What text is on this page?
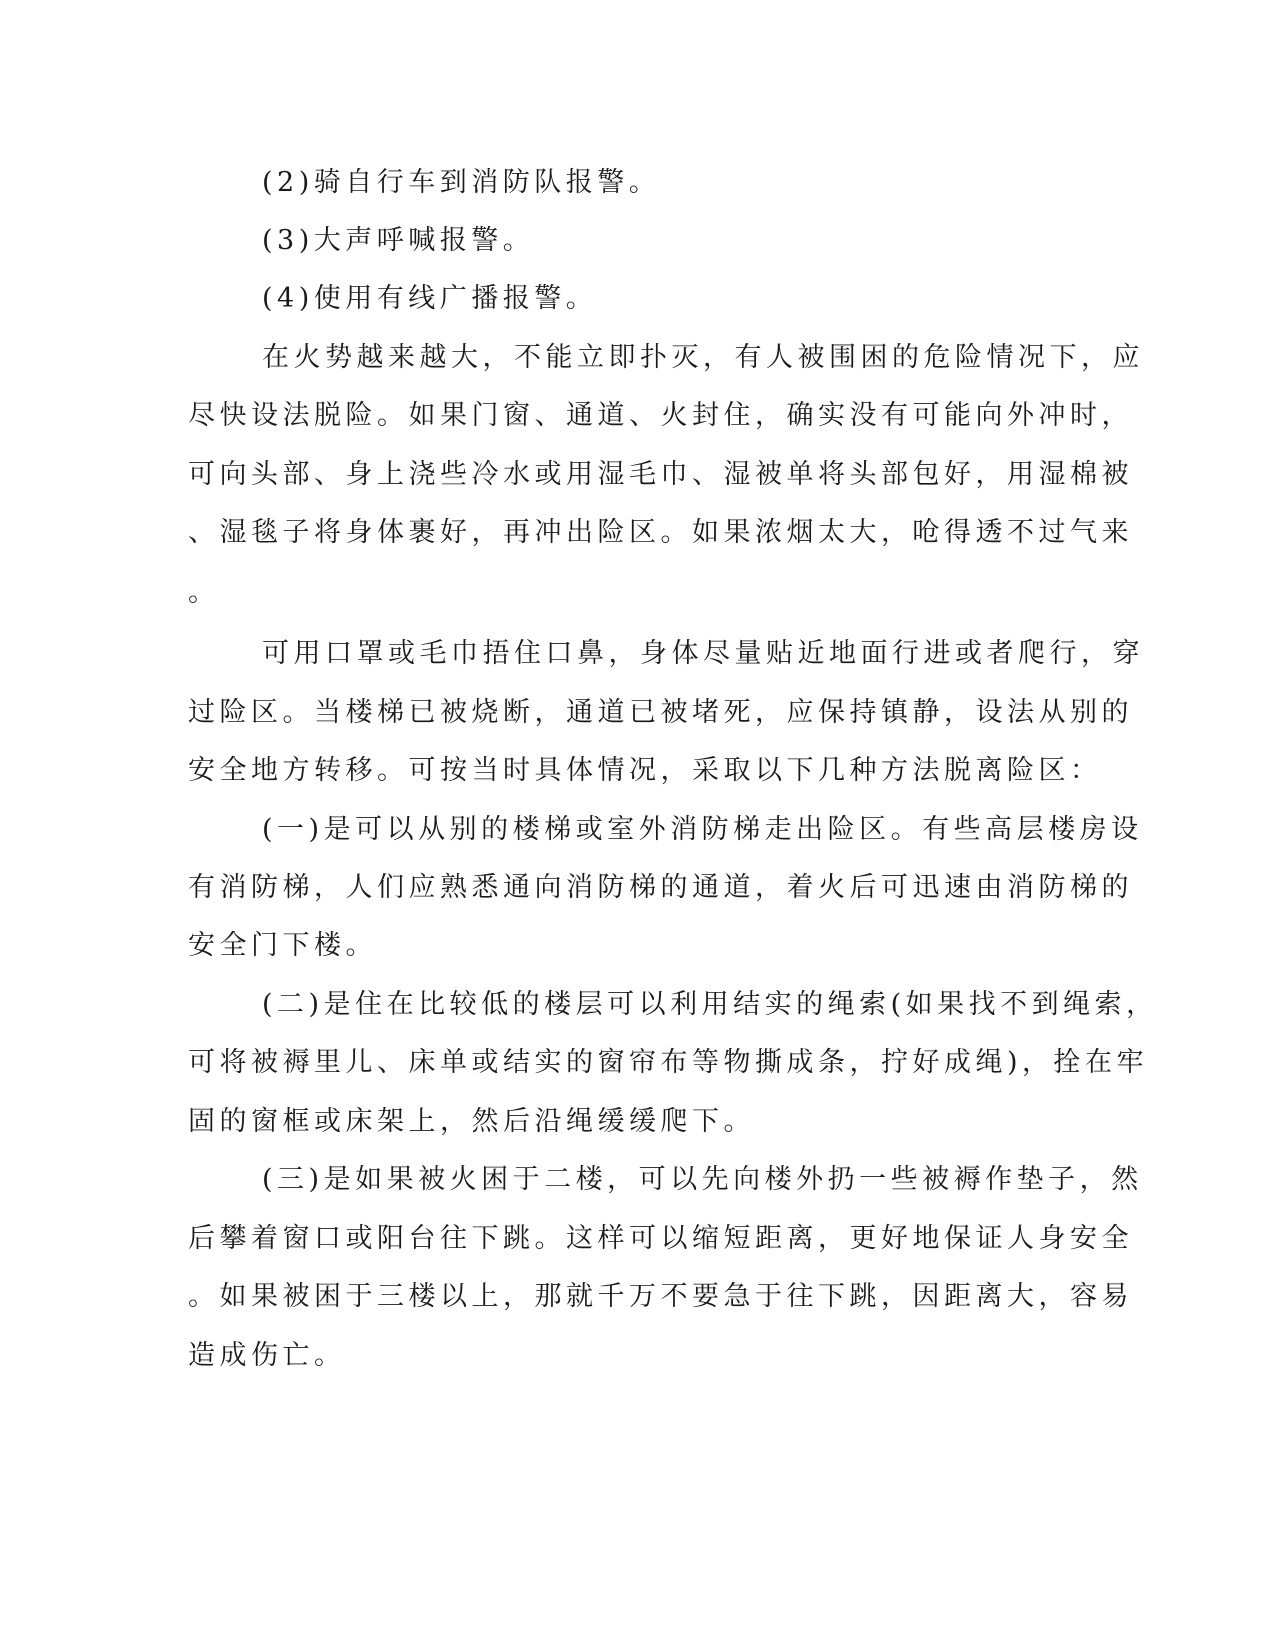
(2)骑自行车到消防队报警。
(3)大声呼喊报警。
(4)使用有线广播报警。
在火势越来越大，不能立即扑灭，有人被围困的危险情况下，应
尽快设法脱险。如果门窗、通道、火封住，确实没有可能向外冲时，
可向头部、身上浇些冷水或用湿毛巾、湿被单将头部包好，用湿棉被
、湿毯子将身体裹好，再冲出险区。如果浓烟太大，呛得透不过气来
。
可用口罩或毛巾捂住口鼻，身体尽量贴近地面行进或者爬行，穿
过险区。当楼梯已被烧断，通道已被堵死，应保持镇静，设法从别的
安全地方转移。可按当时具体情况，采取以下几种方法脱离险区：
(一)是可以从别的楼梯或室外消防梯走出险区。有些高层楼房设
有消防梯，人们应熟悉通向消防梯的通道，着火后可迅速由消防梯的
安全门下楼。
(二)是住在比较低的楼层可以利用结实的绳索(如果找不到绳索，
可将被褥里儿、床单或结实的窗帘布等物撕成条，拧好成绳)，拴在牢
固的窗框或床架上，然后沿绳缓缓爬下。
(三)是如果被火困于二楼，可以先向楼外扔一些被褥作垫子，然
后攀着窗口或阳台往下跳。这样可以缩短距离，更好地保证人身安全
。如果被困于三楼以上，那就千万不要急于往下跳，因距离大，容易
造成伤亡。
